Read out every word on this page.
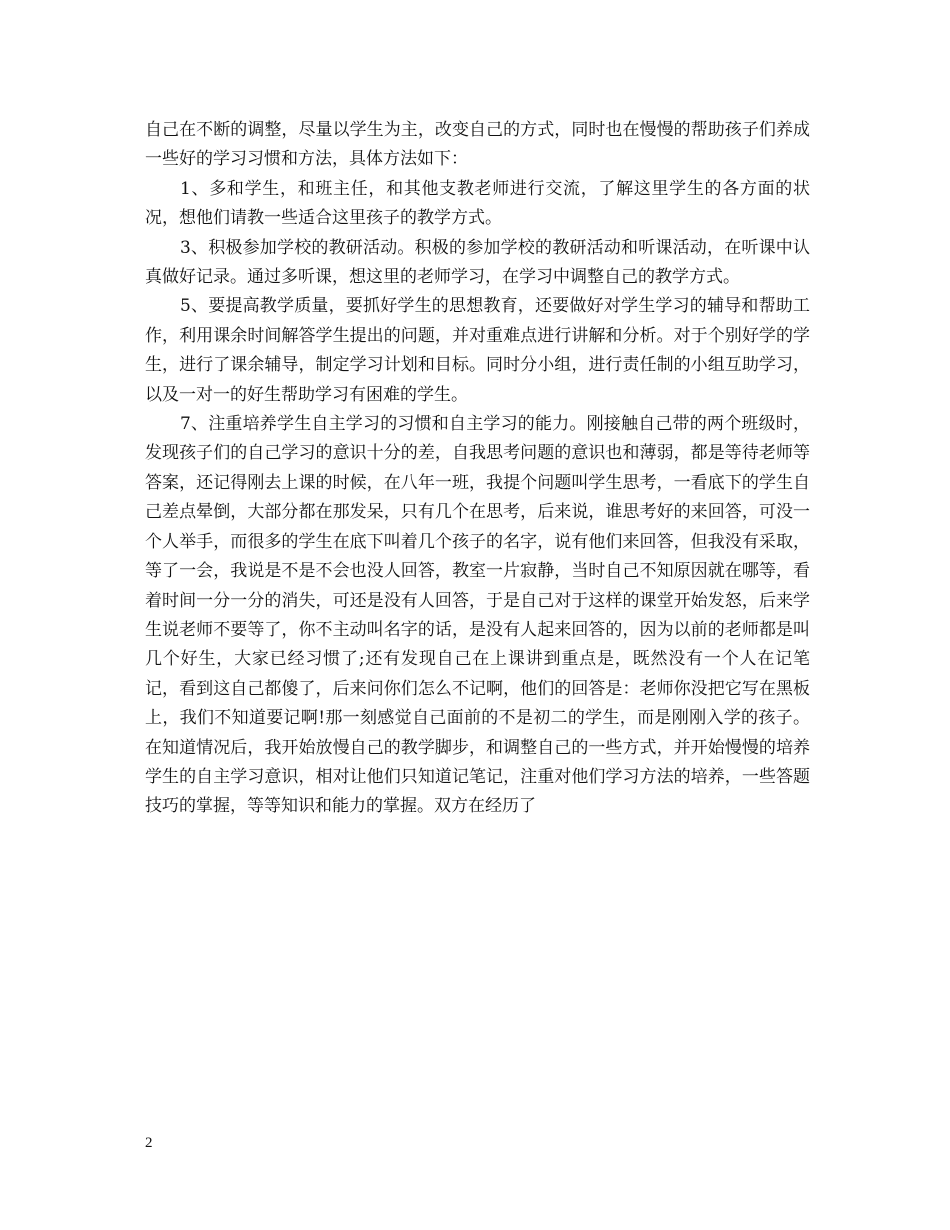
自己在不断的调整，尽量以学生为主，改变自己的方式，同时也在慢慢的帮助孩子们养成一些好的学习习惯和方法，具体方法如下：

1、多和学生，和班主任，和其他支教老师进行交流，了解这里学生的各方面的状况，想他们请教一些适合这里孩子的教学方式。

3、积极参加学校的教研活动。积极的参加学校的教研活动和听课活动，在听课中认真做好记录。通过多听课，想这里的老师学习，在学习中调整自己的教学方式。

5、要提高教学质量，要抓好学生的思想教育，还要做好对学生学习的辅导和帮助工作，利用课余时间解答学生提出的问题，并对重难点进行讲解和分析。对于个别好学的学生，进行了课余辅导，制定学习计划和目标。同时分小组，进行责任制的小组互助学习，以及一对一的好生帮助学习有困难的学生。

7、注重培养学生自主学习的习惯和自主学习的能力。刚接触自己带的两个班级时，发现孩子们的自己学习的意识十分的差，自我思考问题的意识也和薄弱，都是等待老师等答案，还记得刚去上课的时候，在八年一班，我提个问题叫学生思考，一看底下的学生自己差点晕倒，大部分都在那发呆，只有几个在思考，后来说，谁思考好的来回答，可没一个人举手，而很多的学生在底下叫着几个孩子的名字，说有他们来回答，但我没有采取，等了一会，我说是不是不会也没人回答，教室一片寂静，当时自己不知原因就在哪等，看着时间一分一分的消失，可还是没有人回答，于是自己对于这样的课堂开始发怒，后来学生说老师不要等了，你不主动叫名字的话，是没有人起来回答的，因为以前的老师都是叫几个好生，大家已经习惯了;还有发现自己在上课讲到重点是，既然没有一个人在记笔记，看到这自己都傻了，后来问你们怎么不记啊，他们的回答是：老师你没把它写在黑板上，我们不知道要记啊!那一刻感觉自己面前的不是初二的学生，而是刚刚入学的孩子。在知道情况后，我开始放慢自己的教学脚步，和调整自己的一些方式，并开始慢慢的培养学生的自主学习意识，相对让他们只知道记笔记，注重对他们学习方法的培养，一些答题技巧的掌握，等等知识和能力的掌握。双方在经历了

2
